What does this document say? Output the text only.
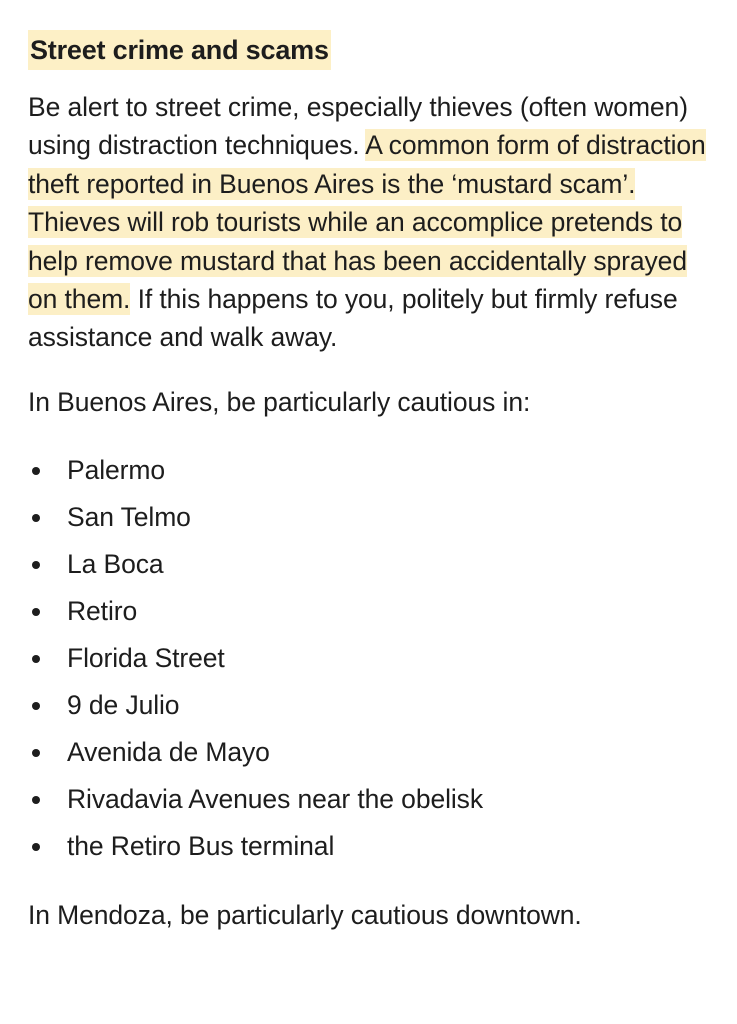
Street crime and scams

Be alert to street crime, especially thieves (often women) using distraction techniques. A common form of distraction theft reported in Buenos Aires is the ‘mustard scam’. Thieves will rob tourists while an accomplice pretends to help remove mustard that has been accidentally sprayed on them. If this happens to you, politely but firmly refuse assistance and walk away.

In Buenos Aires, be particularly cautious in:

Palermo
San Telmo
La Boca
Retiro
Florida Street
9 de Julio
Avenida de Mayo
Rivadavia Avenues near the obelisk
the Retiro Bus terminal

In Mendoza, be particularly cautious downtown.
